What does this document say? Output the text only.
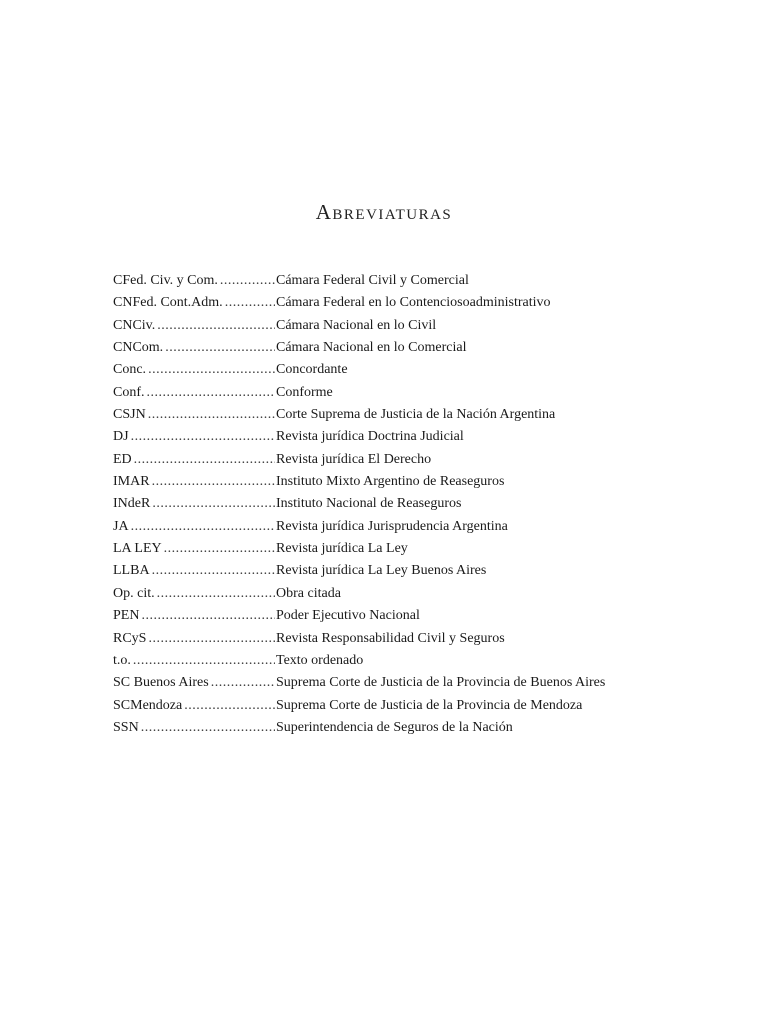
Abreviaturas
CFed. Civ. y Com. .....	Cámara Federal Civil y Comercial
CNFed. Cont.Adm. .....	Cámara Federal en lo Contenciosoadministrativo
CNCiv. .....	Cámara Nacional en lo Civil
CNCom. .....	Cámara Nacional en lo Comercial
Conc. .....	Concordante
Conf. .....	Conforme
CSJN .....	Corte Suprema de Justicia de la Nación Argentina
DJ .....	Revista jurídica Doctrina Judicial
ED .....	Revista jurídica El Derecho
IMAR .....	Instituto Mixto Argentino de Reaseguros
INdeR .....	Instituto Nacional de Reaseguros
JA .....	Revista jurídica Jurisprudencia Argentina
LA LEY .....	Revista jurídica La Ley
LLBA .....	Revista jurídica La Ley Buenos Aires
Op. cit. .....	Obra citada
PEN .....	Poder Ejecutivo Nacional
RCyS .....	Revista Responsabilidad Civil y Seguros
t.o. .....	Texto ordenado
SC Buenos Aires .....	Suprema Corte de Justicia de la Provincia de Buenos Aires
SCMendoza .....	Suprema Corte de Justicia de la Provincia de Mendoza
SSN .....	Superintendencia de Seguros de la Nación
